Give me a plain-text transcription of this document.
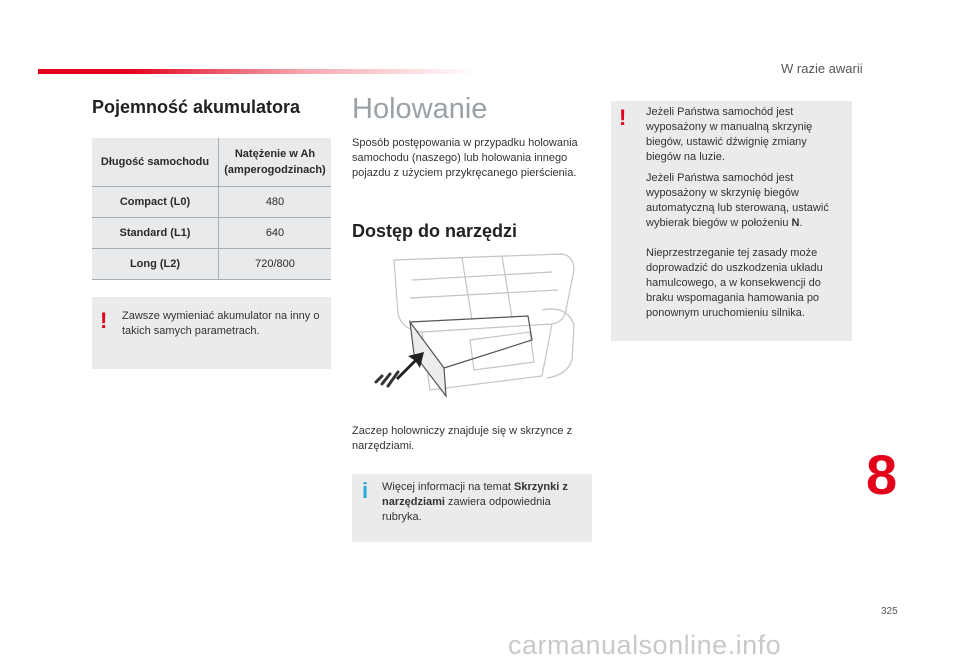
W razie awarii
Pojemność akumulatora
Długość samochodu	Natężenie w Ah (amperogodzinach)
Compact (L0)	480
Standard (L1)	640
Long (L2)	720/800
! Zawsze wymieniać akumulator na inny o takich samych parametrach.
Holowanie
Sposób postępowania w przypadku holowania samochodu (naszego) lub holowania innego pojazdu z użyciem przykręcanego pierścienia.
Dostęp do narzędzi
Zaczep holowniczy znajduje się w skrzynce z narzędziami.
i Więcej informacji na temat Skrzynki z narzędziami zawiera odpowiednia rubryka.
! Jeżeli Państwa samochód jest wyposażony w manualną skrzynię biegów, ustawić dźwignię zmiany biegów na luzie.
Jeżeli Państwa samochód jest wyposażony w skrzynię biegów automatyczną lub sterowaną, ustawić wybierak biegów w położeniu N.
Nieprzestrzeganie tej zasady może doprowadzić do uszkodzenia układu hamulcowego, a w konsekwencji do braku wspomagania hamowania po ponownym uruchomieniu silnika.
8
325
carmanualsonline.info
